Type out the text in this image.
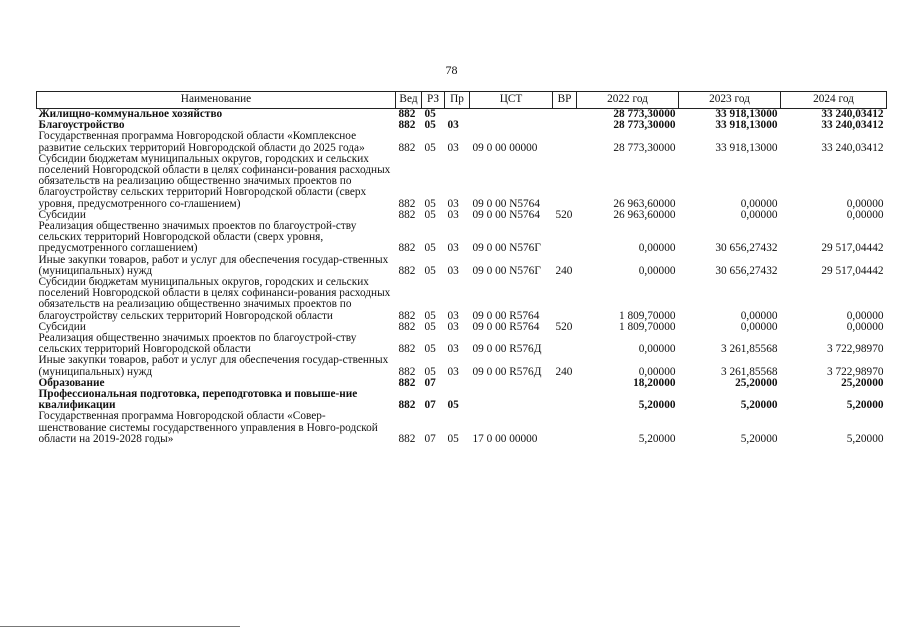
78
Наименование	Вед	РЗ	Пр	ЦСТ	ВР	2022 год	2023 год	2024 год
Жилищно-коммунальное хозяйство	882	05				28 773,30000	33 918,13000	33 240,03412
Благоустройство	882	05	03			28 773,30000	33 918,13000	33 240,03412
Государственная программа Новгородской области «Комплексное развитие сельских территорий Новгородской области до 2025 года»	882	05	03	09 0 00 00000		28 773,30000	33 918,13000	33 240,03412
Субсидии бюджетам муниципальных округов, городских и сельских поселений Новгородской области в целях софинанси-рования расходных обязательств на реализацию общественно значимых проектов по благоустройству сельских территорий Новгородской области (сверх уровня, предусмотренного со-глашением)	882	05	03	09 0 00 N5764		26 963,60000	0,00000	0,00000
Субсидии	882	05	03	09 0 00 N5764	520	26 963,60000	0,00000	0,00000
Реализация общественно значимых проектов по благоустрой-ству сельских территорий Новгородской области (сверх уровня, предусмотренного соглашением)	882	05	03	09 0 00 N576Г		0,00000	30 656,27432	29 517,04442
Иные закупки товаров, работ и услуг для обеспечения государ-ственных (муниципальных) нужд	882	05	03	09 0 00 N576Г	240	0,00000	30 656,27432	29 517,04442
Субсидии бюджетам муниципальных округов, городских и сельских поселений Новгородской области в целях софинанси-рования расходных обязательств на реализацию общественно значимых проектов по благоустройству сельских территорий Новгородской области	882	05	03	09 0 00 R5764		1 809,70000	0,00000	0,00000
Субсидии	882	05	03	09 0 00 R5764	520	1 809,70000	0,00000	0,00000
Реализация общественно значимых проектов по благоустрой-ству сельских территорий Новгородской области	882	05	03	09 0 00 R576Д		0,00000	3 261,85568	3 722,98970
Иные закупки товаров, работ и услуг для обеспечения государ-ственных (муниципальных) нужд	882	05	03	09 0 00 R576Д	240	0,00000	3 261,85568	3 722,98970
Образование	882	07				18,20000	25,20000	25,20000
Профессиональная подготовка, переподготовка и повыше-ние квалификации	882	07	05			5,20000	5,20000	5,20000
Государственная программа Новгородской области «Совер-шенствование системы государственного управления в Новго-родской области на 2019-2028 годы»	882	07	05	17 0 00 00000		5,20000	5,20000	5,20000
